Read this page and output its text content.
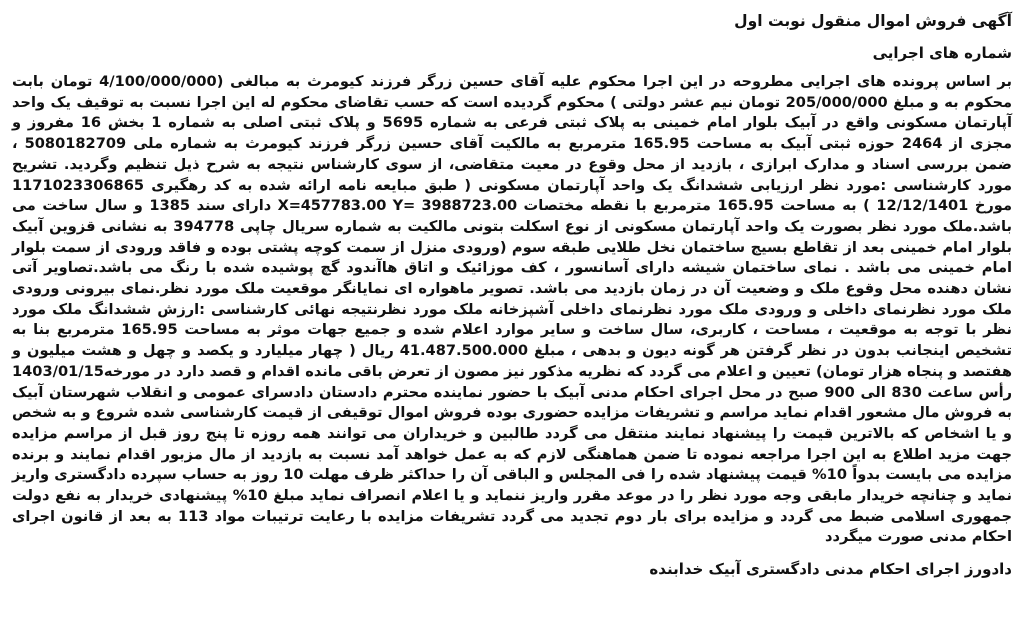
آگهی فروش اموال منقول نوبت اول
شماره های اجرایی

بر اساس پرونده های اجرایی مطروحه در این اجرا محکوم علیه آقای حسین زرگر فرزند کیومرث به مبالغی (4/100/000/000 تومان بابت محکوم به و مبلغ 205/000/000 تومان نیم عشر دولتی ) محکوم گردیده است که حسب تقاضای محکوم له این اجرا نسبت به توقیف یک واحد آپارتمان مسکونی واقع در آبیک بلوار امام خمینی به پلاک ثبتی فرعی به شماره 5695 و پلاک ثبتی اصلی به شماره 1 بخش 16 مفروز و مجزی از 2464 حوزه ثبتی آبیک به مساحت 165.95 مترمربع به مالکیت آقای حسین زرگر فرزند کیومرث به شماره ملی 5080182709 ، ضمن بررسی اسناد و مدارک ابرازی ، بازدید از محل وقوع در معیت متقاضی، از سوی کارشناس نتیجه به شرح ذیل تنظیم وگردید. تشریح مورد کارشناسی :مورد نظر ارزیابی ششدانگ یک واحد آپارتمان مسکونی ( طبق مبایعه نامه ارائه شده به کد رهگیری 1171023306865 مورخ 12/12/1401 ) به مساحت 165.95 مترمربع با نقطه مختصات X=457783.00 Y= 3988723.00 دارای سند 1385 و سال ساخت می باشد.ملک مورد نظر بصورت یک واحد آپارتمان مسکونی از نوع اسکلت بتونی مالکیت به شماره سریال چاپی 394778 به نشانی قزوین آبیک بلوار امام خمینی بعد از تقاطع بسیج ساختمان نخل طلایی طبقه سوم (ورودی منزل از سمت کوچه پشتی بوده و فاقد ورودی از سمت بلوار امام خمینی می باشد . نمای ساختمان شیشه دارای آسانسور ، کف موزائیک و اتاق هاآندود گچ پوشیده شده با رنگ می باشد.تصاویر آتی نشان دهنده محل وقوع ملک و وضعیت آن در زمان بازدید می باشد. تصویر ماهواره ای نمایانگر موقعیت ملک مورد نظر.نمای بیرونی ورودی ملک مورد نظرنمای داخلی و ورودی ملک مورد نظرنمای داخلی آشپزخانه ملک مورد نظرنتیجه نهائی کارشناسی :ارزش ششدانگ ملک مورد نظر با توجه به موقعیت ، مساحت ، کاربری، سال ساخت و سایر موارد اعلام شده و جمیع جهات موثر به مساحت 165.95 مترمربع بنا به تشخیص اینجانب بدون در نظر گرفتن هر گونه دیون و بدهی ، مبلغ 41.487.500.000 ریال ( چهار میلیارد و یکصد و چهل و هشت میلیون و هفتصد و پنجاه هزار تومان) تعیین و اعلام می گردد که نظریه مذکور نیز مصون از تعرض باقی مانده اقدام و قصد دارد در مورخه1403/01/15 رأس ساعت 830 الی 900 صبح در محل اجرای احکام مدنی آبیک با حضور نماینده محترم دادستان دادسرای عمومی و انقلاب شهرستان آبیک به فروش مال مشعور اقدام نماید مراسم و تشریفات مزایده حضوری بوده فروش اموال توقیفی از قیمت کارشناسی شده شروع و به شخص و یا اشخاص که بالاترین قیمت را پیشنهاد نمایند منتقل می گردد طالبین و خریداران می توانند همه روزه تا پنج روز قبل از مراسم مزایده جهت مزید اطلاع به این اجرا مراجعه نموده تا ضمن هماهنگی لازم که به عمل خواهد آمد نسبت به بازدید از مال مزبور اقدام نمایند و برنده مزایده می بایست بدواً 10% قیمت پیشنهاد شده را فی المجلس و الباقی آن را حداکثر ظرف مهلت 10 روز به حساب سپرده دادگستری واریز نماید و چنانچه خریدار مابقی وجه مورد نظر را در موعد مقرر واریز ننماید و یا اعلام انصراف نماید مبلغ 10% پیشنهادی خریدار به نفع دولت جمهوری اسلامی ضبط می گردد و مزایده برای بار دوم تجدید می گردد تشریفات مزایده با رعایت ترتیبات مواد 113 به بعد از قانون اجرای احکام مدنی صورت میگردد

دادورز اجرای احکام مدنی دادگستری آبیک خدابنده
